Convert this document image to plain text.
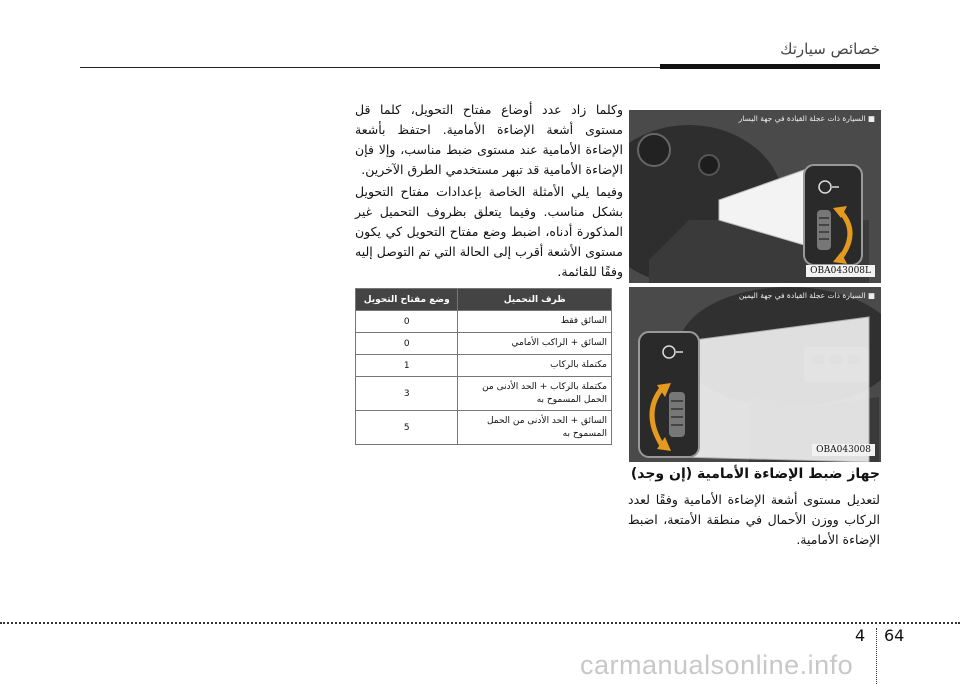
خصائص سيارتك

وكلما زاد عدد أوضاع مفتاح التحويل، كلما قل مستوى أشعة الإضاءة الأمامية. احتفظ بأشعة الإضاءة الأمامية عند مستوى ضبط مناسب، وإلا فإن الإضاءة الأمامية قد تبهر مستخدمي الطرق الآخرين.

وفيما يلي الأمثلة الخاصة بإعدادات مفتاح التحويل بشكل مناسب. وفيما يتعلق بظروف التحميل غير المذكورة أدناه، اضبط وضع مفتاح التحويل كي يكون مستوى الأشعة أقرب إلى الحالة التي تم التوصل إليه وفقًا للقائمة.

ظرف التحميل	وضع مفتاح التحويل
السائق فقط	0
السائق + الراكب الأمامي	0
مكتملة بالركاب	1
مكتملة بالركاب + الحد الأدنى من الحمل المسموح به	3
السائق + الحد الأدنى من الحمل المسموح به	5
■ السيارة ذات عجلة القيادة في جهة اليسار
OBA043008L
■ السيارة ذات عجلة القيادة في جهة اليمين
OBA043008
جهاز ضبط الإضاءة الأمامية (إن وجد)

لتعديل مستوى أشعة الإضاءة الأمامية وفقًا لعدد الركاب ووزن الأحمال في منطقة الأمتعة، اضبط الإضاءة الأمامية.

4 64
carmanualsonline.info
